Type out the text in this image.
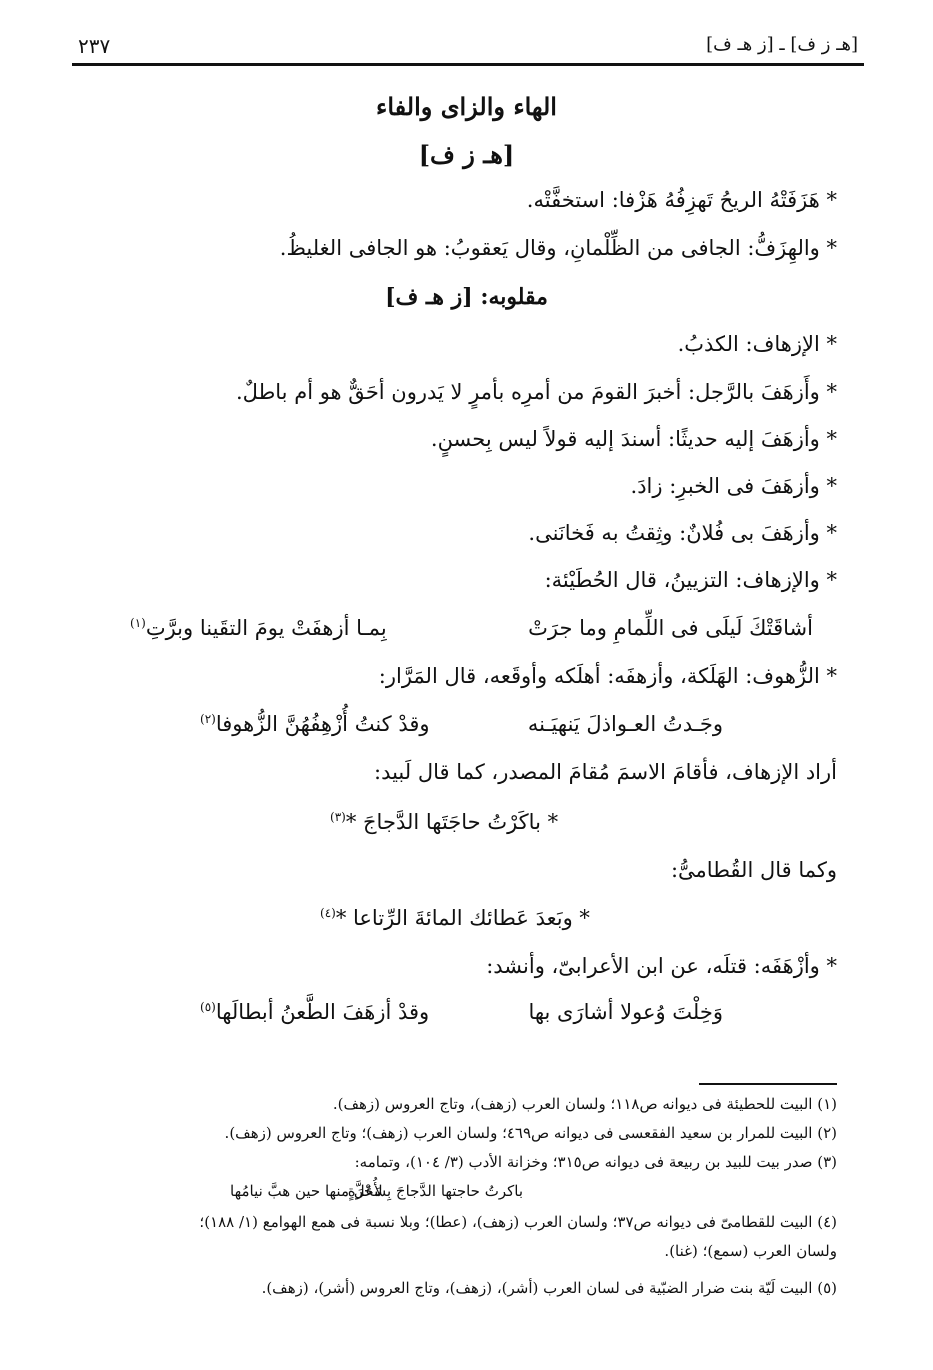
[هـ ز ف] ـ [ز هـ ف]
٢٣٧
الهاء والزاى والفاء
[هـ ز ف]
* هَزَفَتْهُ الريحُ تَهزِفُهُ هَزْفا: استخفَّتْه.
* والهِزَفُّ: الجافى من الظِّلْمانِ، وقال يَعقوبُ: هو الجافى الغليظُ.
مقلوبه: [ز هـ ف]
* الإزهاف: الكذبُ.
* وأَزهَفَ بالرَّجل: أخبرَ القومَ من أمرِه بأمرٍ لا يَدرون أحَقٌّ هو أم باطلٌ.
* وأزهَفَ إليه حديثًا: أسندَ إليه قولاً ليس بِحسنٍ.
* وأزهَفَ فى الخبرِ: زادَ.
* وأزهَفَ بى فُلانٌ: وثِقتُ به فَخانَنى.
* والإزهاف: التزيينُ، قال الحُطَيْئة:
أشاقَتْكَ لَيلَى فى اللِّمامِ وما جرَتْ
بِمـا أزهفَتْ يومَ التقَينا وبرَّتِ$^{(١)}$
* الزُّهوف: الهَلَكة، وأزهفَه: أهلَكه وأوقَعه، قال المَرَّار:
وجَـدتُ العـواذلَ يَنهيَـنه
وقدْ كنتُ أُزْهِفُهُنَّ الزُّهوفا$^{(٢)}$
أراد الإزهاف، فأقامَ الاسمَ مُقامَ المصدر، كما قال لَبيد:
* باكَرْتُ حاجَتَها الدَّجاجَ *$^{(٣)}$
وكما قال القُطامىُّ:
* وبَعدَ عَطائك المائةَ الرِّتاعا *$^{(٤)}$
* وأزْهَفَه: قتلَه، عن ابن الأعرابىّ، وأنشد:
وَخِلْتَ وُعولا أشارَى بها
وقدْ أزهَفَ الطَّعنُ أبطالَها$^{(٥)}$
(١) البيت للحطيئة فى ديوانه ص١١٨؛ ولسان العرب (زهف)، وتاج العروس (زهف).
(٢) البيت للمرار بن سعيد الفقعسى فى ديوانه ص٤٦٩؛ ولسان العرب (زهف)؛ وتاج العروس (زهف).
(٣) صدر بيت للبيد بن ربيعة فى ديوانه ص٣١٥؛ وخزانة الأدب (٣/ ١٠٤)، وتمامه:
باكرتُ حاجتها الدَّجاجَ بِسَحْرَةٍ
لأُعَلَّ منها حين هبَّ نيامُها
(٤) البيت للقطامىّ فى ديوانه ص٣٧؛ ولسان العرب (زهف)، (عطا)؛ وبلا نسبة فى همع الهوامع (١/ ١٨٨)؛
ولسان العرب (سمع)؛ (غنا).
(٥) البيت لَيّة بنت ضرار الضبّية فى لسان العرب (أشر)، (زهف)، وتاج العروس (أشر)، (زهف).
